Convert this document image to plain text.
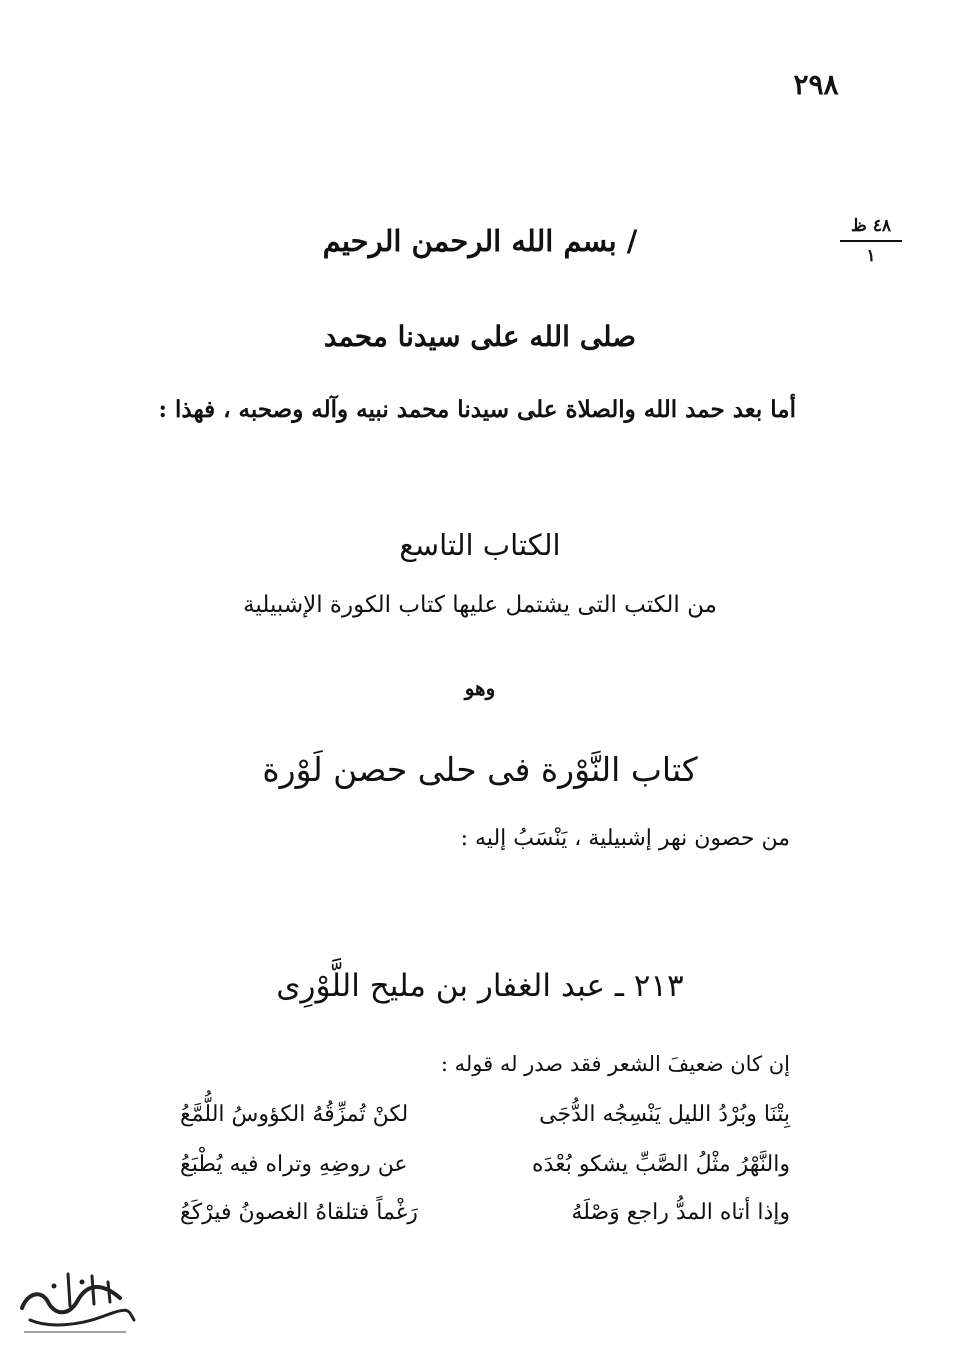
٢٩٨
٤٨ ظ
١
/ بسم الله الرحمن الرحيم
صلى الله على سيدنا محمد
أما بعد حمد الله والصلاة على سيدنا محمد نبيه وآله وصحبه ، فهذا :
الكتاب التاسع
من الكتب التى يشتمل عليها كتاب الكورة الإشبيلية
وهو
كتاب النَّوْرة فى حلى حصن لَوْرة
من حصون نهر إشبيلية ، يَنْسَبُ إليه :
٢١٣ ـ عبد الغفار بن مليح اللَّوْرِى
إن كان ضعيفَ الشعر فقد صدر له قوله :
بِتْنَا وبُرْدُ الليل يَنْسِجُه الدُّجَى
لكنْ تُمزِّقُهُ الكؤوسُ اللُّمَّعُ
والنَّهْرُ مثْلُ الصَّبِّ يشكو بُعْدَه
عن روضِهِ وتراه فيه يُطْبَعُ
وإذا أتاه المدُّ راجع وَصْلَهُ
رَغْماً فتلقاهُ الغصونُ فيرْكَعُ
